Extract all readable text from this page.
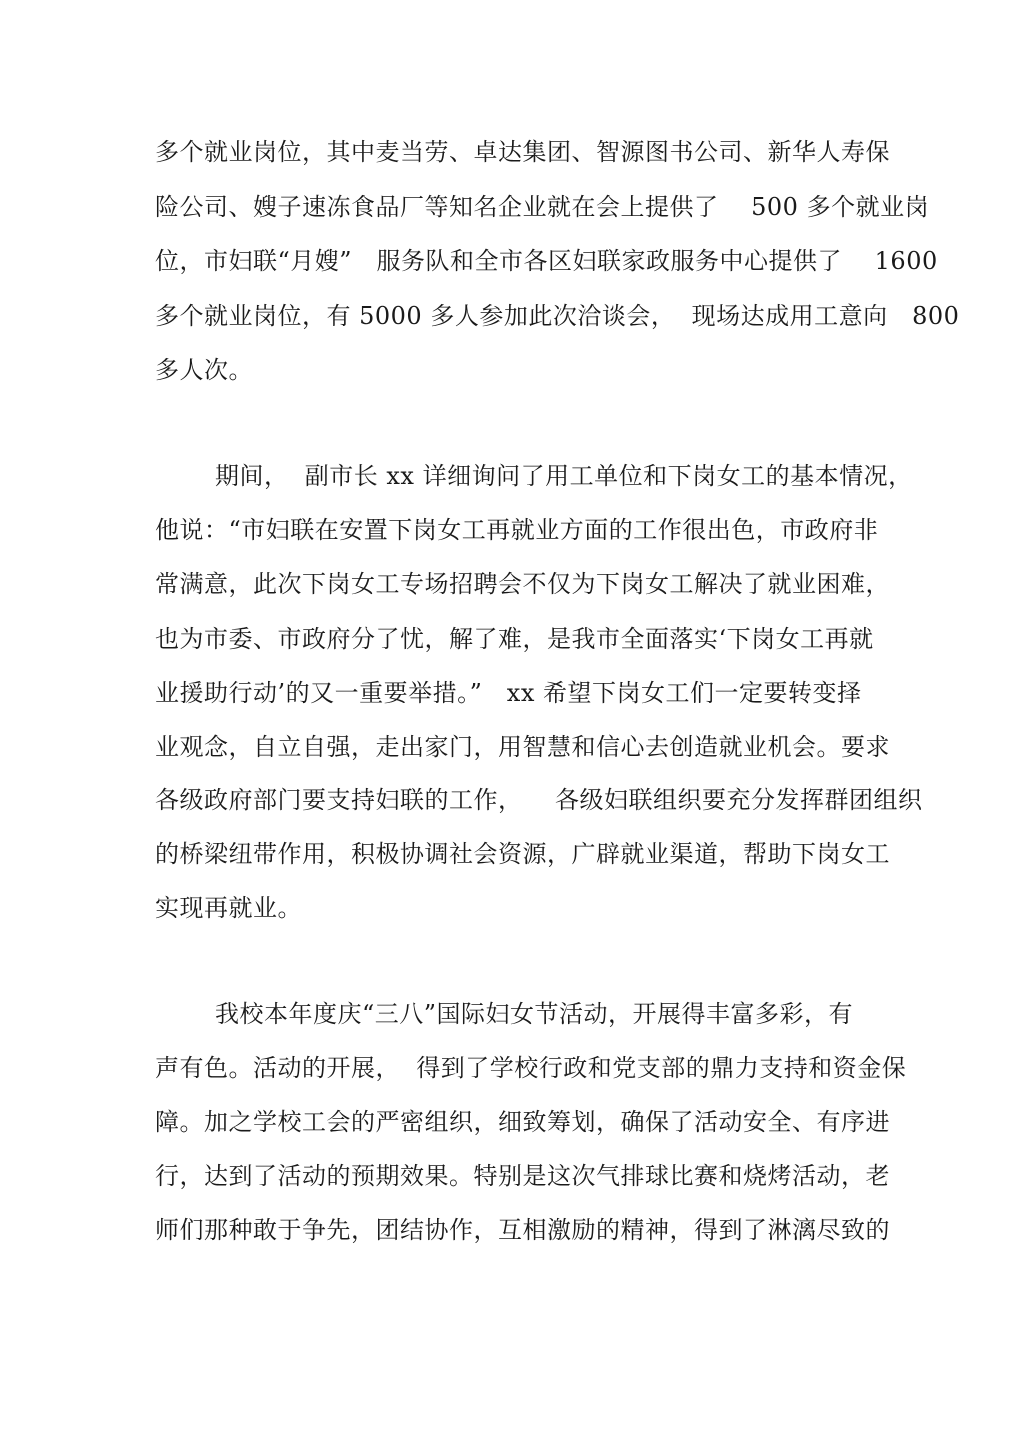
多个就业岗位，其中麦当劳、卓达集团、智源图书公司、新华人寿保
险公司、嫂子速冻食品厂等知名企业就在会上提供了　 500 多个就业岗
位，市妇联“月嫂”　服务队和全市各区妇联家政服务中心提供了　 1600
多个就业岗位，有 5000 多人参加此次洽谈会，  现场达成用工意向　800
多人次。
期间，  副市长 xx 详细询问了用工单位和下岗女工的基本情况，
他说：“市妇联在安置下岗女工再就业方面的工作很出色，市政府非
常满意，此次下岗女工专场招聘会不仅为下岗女工解决了就业困难，
也为市委、市政府分了忧，解了难，是我市全面落实‘下岗女工再就
业援助行动’的又一重要举措。”   xx 希望下岗女工们一定要转变择
业观念，自立自强，走出家门，用智慧和信心去创造就业机会。要求
各级政府部门要支持妇联的工作，    各级妇联组织要充分发挥群团组织
的桥梁纽带作用，积极协调社会资源，广辟就业渠道，帮助下岗女工
实现再就业。
我校本年度庆“三八”国际妇女节活动，开展得丰富多彩，有
声有色。活动的开展，  得到了学校行政和党支部的鼎力支持和资金保
障。加之学校工会的严密组织，细致筹划，确保了活动安全、有序进
行，达到了活动的预期效果。特别是这次气排球比赛和烧烤活动，老
师们那种敢于争先，团结协作，互相激励的精神，得到了淋漓尽致的
